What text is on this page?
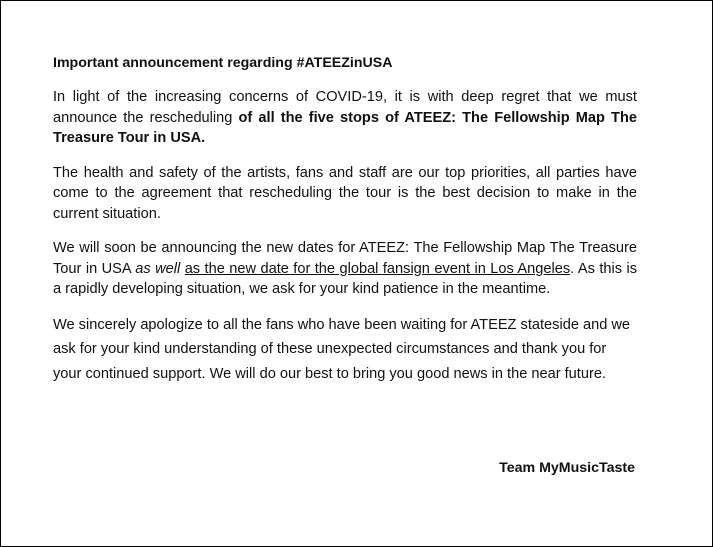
Important announcement regarding #ATEEZinUSA

In light of the increasing concerns of COVID-19, it is with deep regret that we must announce the rescheduling of all the five stops of ATEEZ: The Fellowship Map The Treasure Tour in USA.

The health and safety of the artists, fans and staff are our top priorities, all parties have come to the agreement that rescheduling the tour is the best decision to make in the current situation.

We will soon be announcing the new dates for ATEEZ: The Fellowship Map The Treasure Tour in USA as well as the new date for the global fansign event in Los Angeles. As this is a rapidly developing situation, we ask for your kind patience in the meantime.

We sincerely apologize to all the fans who have been waiting for ATEEZ stateside and we ask for your kind understanding of these unexpected circumstances and thank you for your continued support. We will do our best to bring you good news in the near future.

Team MyMusicTaste
